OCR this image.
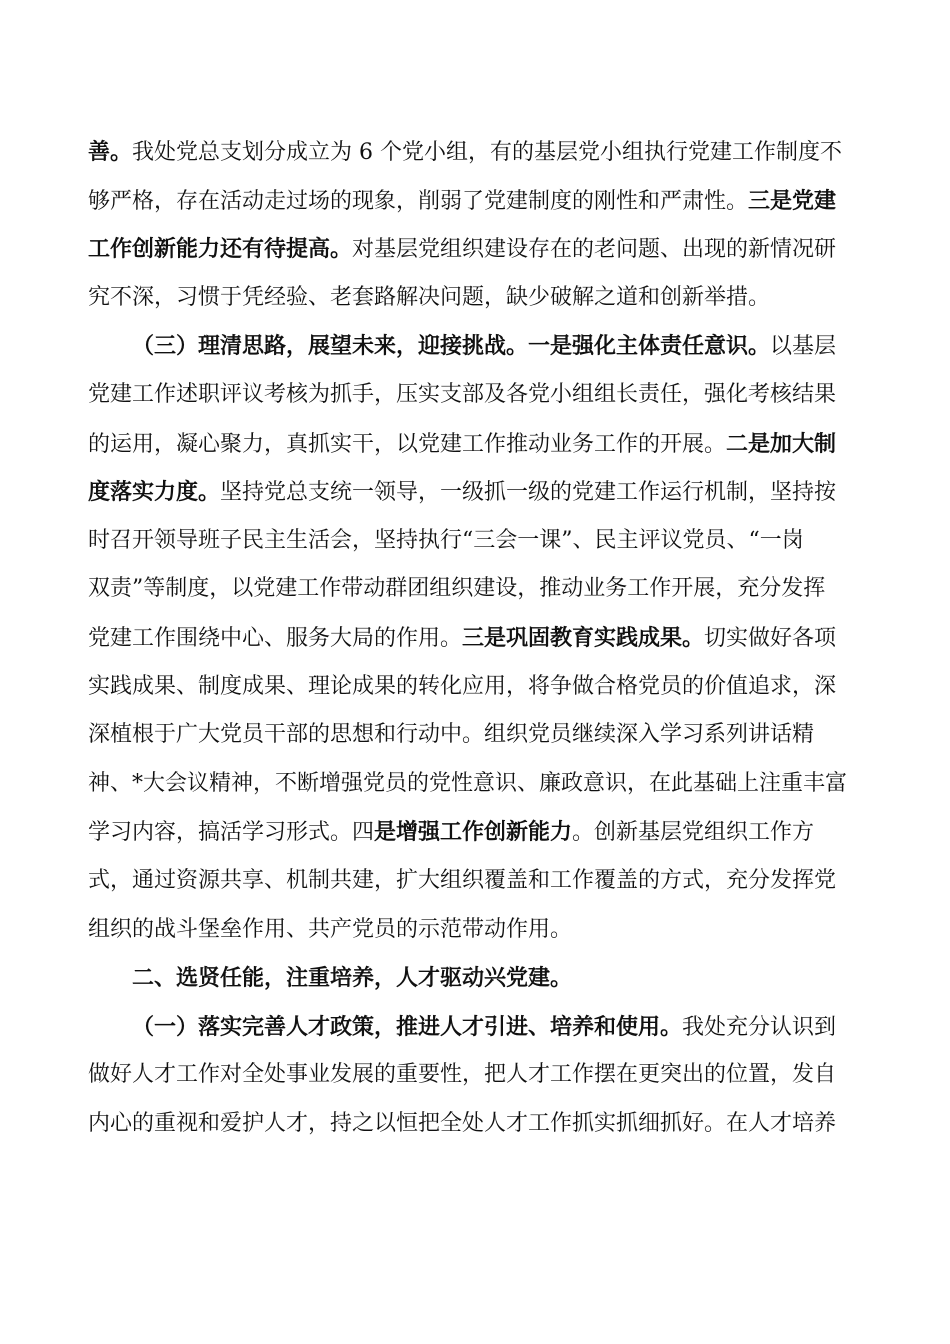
善。我处党总支划分成立为 6 个党小组，有的基层党小组执行党建工作制度不
够严格，存在活动走过场的现象，削弱了党建制度的刚性和严肃性。三是党建
工作创新能力还有待提高。对基层党组织建设存在的老问题、出现的新情况研
究不深，习惯于凭经验、老套路解决问题，缺少破解之道和创新举措。
（三）理清思路，展望未来，迎接挑战。一是强化主体责任意识。以基层
党建工作述职评议考核为抓手，压实支部及各党小组组长责任，强化考核结果
的运用，凝心聚力，真抓实干，以党建工作推动业务工作的开展。二是加大制
度落实力度。坚持党总支统一领导，一级抓一级的党建工作运行机制，坚持按
时召开领导班子民主生活会，坚持执行“三会一课”、民主评议党员、“一岗
双责”等制度，以党建工作带动群团组织建设，推动业务工作开展，充分发挥
党建工作围绕中心、服务大局的作用。三是巩固教育实践成果。切实做好各项
实践成果、制度成果、理论成果的转化应用，将争做合格党员的价值追求，深
深植根于广大党员干部的思想和行动中。组织党员继续深入学习系列讲话精
神、*大会议精神，不断增强党员的党性意识、廉政意识，在此基础上注重丰富
学习内容，搞活学习形式。四是增强工作创新能力。创新基层党组织工作方
式，通过资源共享、机制共建，扩大组织覆盖和工作覆盖的方式，充分发挥党
组织的战斗堡垒作用、共产党员的示范带动作用。
二、选贤任能，注重培养，人才驱动兴党建。
（一）落实完善人才政策，推进人才引进、培养和使用。我处充分认识到
做好人才工作对全处事业发展的重要性，把人才工作摆在更突出的位置，发自
内心的重视和爱护人才，持之以恒把全处人才工作抓实抓细抓好。在人才培养
